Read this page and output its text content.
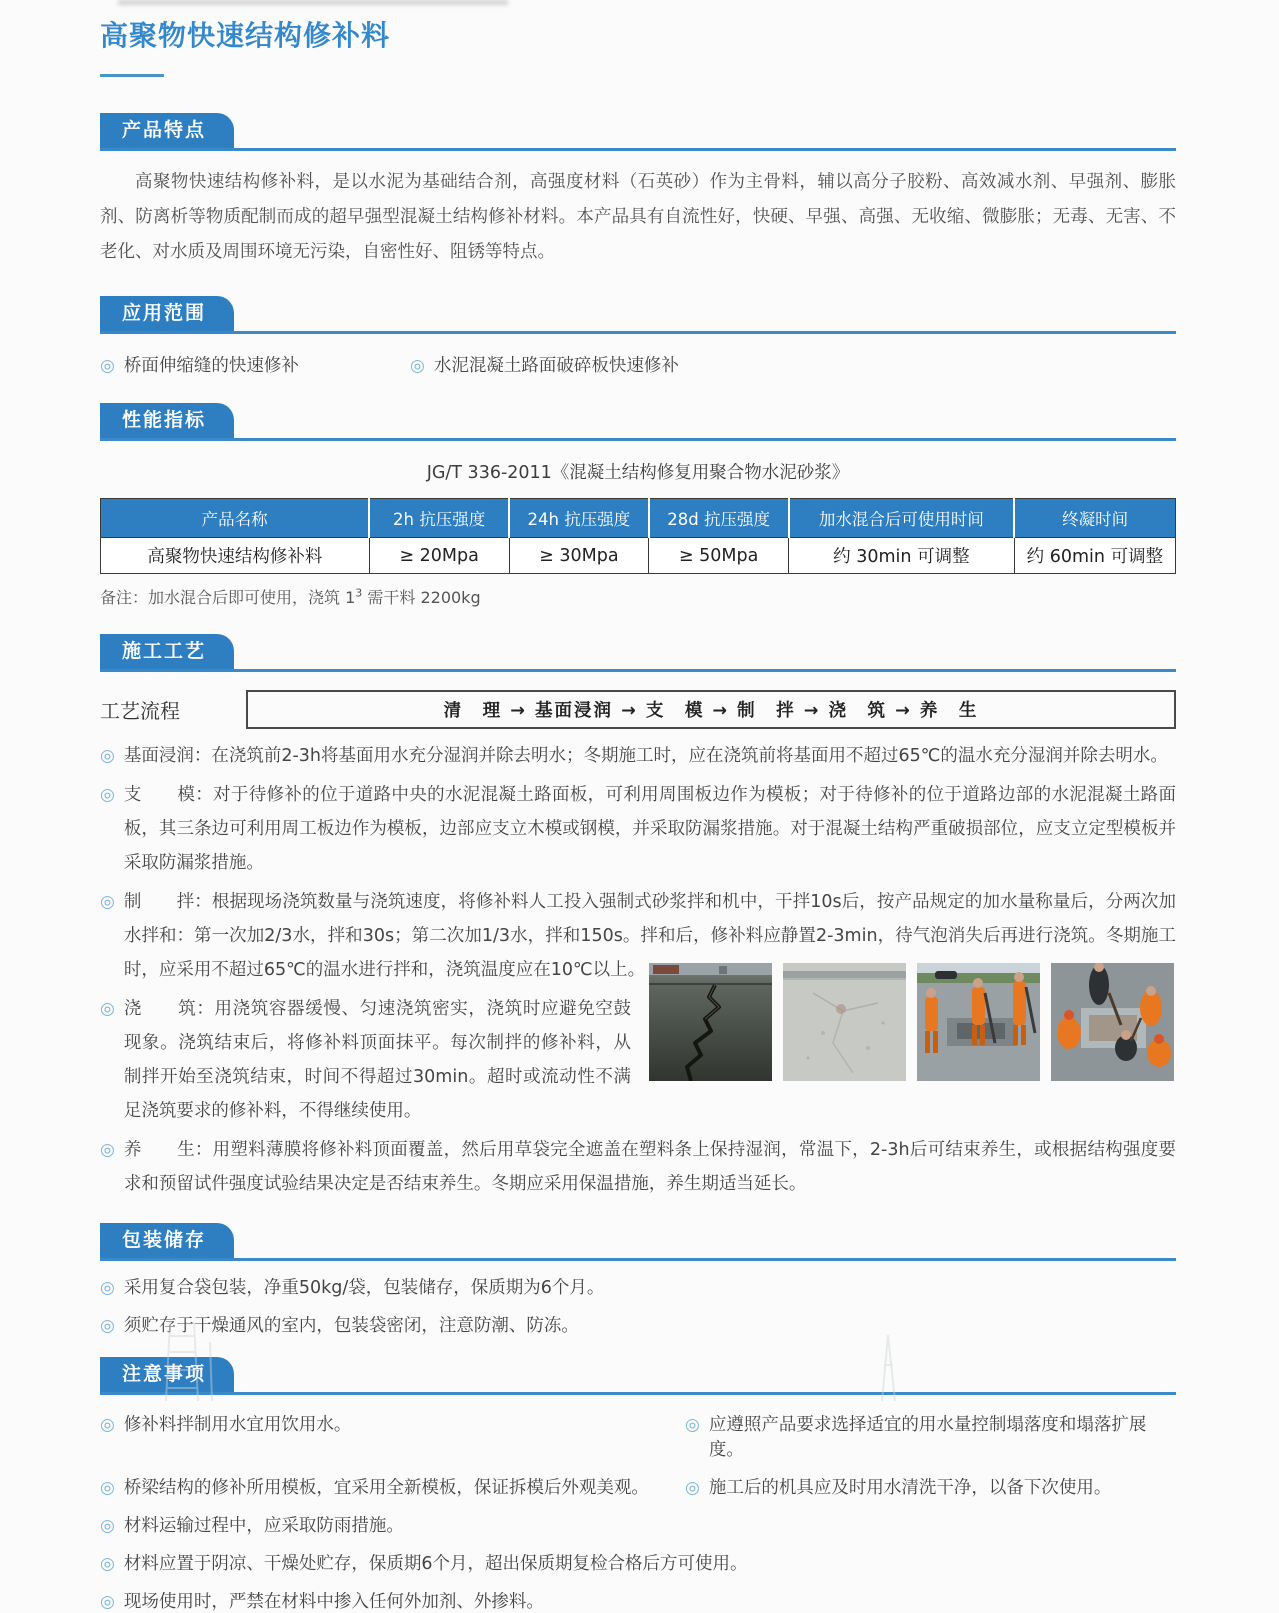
高聚物快速结构修补料
产品特点

高聚物快速结构修补料，是以水泥为基础结合剂，高强度材料（石英砂）作为主骨料，辅以高分子胶粉、高效减水剂、早强剂、膨胀剂、防离析等物质配制而成的超早强型混凝土结构修补材料。本产品具有自流性好，快硬、早强、高强、无收缩、微膨胀；无毒、无害、不老化、对水质及周围环境无污染，自密性好、阻锈等特点。

应用范围
◎ 桥面伸缩缝的快速修补	◎ 水泥混凝土路面破碎板快速修补
性能指标
JG/T 336-2011《混凝土结构修复用聚合物水泥砂浆》
产品名称	2h 抗压强度	24h 抗压强度	28d 抗压强度	加水混合后可使用时间	终凝时间
高聚物快速结构修补料	≥ 20Mpa	≥ 30Mpa	≥ 50Mpa	约 30min 可调整	约 60min 可调整
备注：加水混合后即可使用，浇筑 $1^3$ 需干料 2200kg
施工工艺
工艺流程	清　理 → 基面浸润 → 支　模 → 制　拌 → 浇　筑 → 养　生
◎ 基面浸润：在浇筑前2-3h将基面用水充分湿润并除去明水；冬期施工时，应在浇筑前将基面用不超过65℃的温水充分湿润并除去明水。

◎ 支　　模：对于待修补的位于道路中央的水泥混凝土路面板，可利用周围板边作为模板；对于待修补的位于道路边部的水泥混凝土路面板，其三条边可利用周工板边作为模板，边部应支立木模或钢模，并采取防漏浆措施。对于混凝土结构严重破损部位，应支立定型模板并采取防漏浆措施。

◎ 制　　拌：根据现场浇筑数量与浇筑速度，将修补料人工投入强制式砂浆拌和机中，干拌10s后，按产品规定的加水量称量后，分两次加水拌和：第一次加2/3水，拌和30s；第二次加1/3水，拌和150s。拌和后，修补料应静置2-3min，待气泡消失后再进行浇筑。冬期施工时，应采用不超过65℃的温水进行拌和，浇筑温度应在10℃以上。

◎ 浇　　筑：用浇筑容器缓慢、匀速浇筑密实，浇筑时应避免空鼓现象。浇筑结束后，将修补料顶面抹平。每次制拌的修补料，从制拌开始至浇筑结束，时间不得超过30min。超时或流动性不满足浇筑要求的修补料，不得继续使用。

◎ 养　　生：用塑料薄膜将修补料顶面覆盖，然后用草袋完全遮盖在塑料条上保持湿润，常温下，2-3h后可结束养生，或根据结构强度要求和预留试件强度试验结果决定是否结束养生。冬期应采用保温措施，养生期适当延长。

包装储存
◎ 采用复合袋包装，净重50kg/袋，包装储存，保质期为6个月。
◎ 须贮存于干燥通风的室内，包装袋密闭，注意防潮、防冻。
注意事项
◎ 修补料拌制用水宜用饮用水。	◎ 应遵照产品要求选择适宜的用水量控制塌落度和塌落扩展度。
◎ 桥梁结构的修补所用模板，宜采用全新模板，保证拆模后外观美观。 ◎ 施工后的机具应及时用水清洗干净，以备下次使用。
◎ 材料运输过程中，应采取防雨措施。
◎ 材料应置于阴凉、干燥处贮存，保质期6个月，超出保质期复检合格后方可使用。
◎ 现场使用时，严禁在材料中掺入任何外加剂、外掺料。
